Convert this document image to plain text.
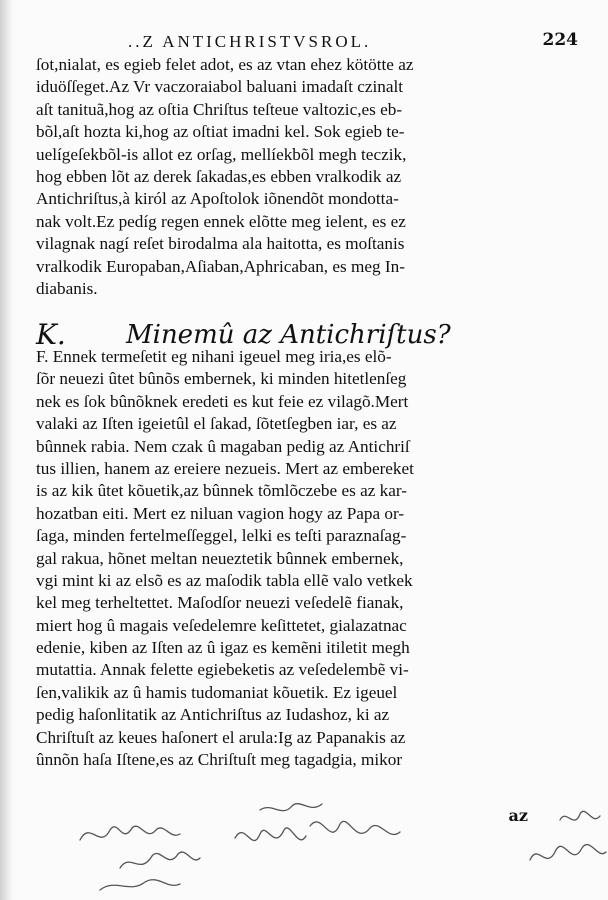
..Z ANTICHRISTVSROL.	224
ſot,nialat, es egieb felet adot, es az vtan ehez kötötte az
iduöſſeget.Az Vr vaczoraiabol baluani imadaſt czinalt
aſt tanituã,hog az oſtia Chriſtus teſteue valtozic,es eb-
bõl,aſt hozta ki,hog az oſtiat imadni kel. Sok egieb te-
uelígeſekbõl-is allot ez orſag, mellíekbõl megh teczik,
hog ebben lõt az derek ſakadas,es ebben vralkodik az
Antichriſtus,à kiról az Apoſtolok iõnendõt mondotta-
nak volt.Ez pedíg regen ennek elõtte meg ielent, es ez
vilagnak nagí reſet birodalma ala haitotta, es moſtanis
vralkodik Europaban,Aſiaban,Aphricaban, es meg In-
diabanis.
K. Minemû az Antichriſtus?
F. Ennek termeſetit eg nihani igeuel meg iria,es elõ-
ſõr neuezi ûtet bûnõs embernek, ki minden hitetlenſeg
nek es ſok bûnõknek eredeti es kut feie ez vilagõ.Mert
valaki az Iſten igeietûl el ſakad, ſõtetſegben iar, es az
bûnnek rabia. Nem czak û magaban pedig az Antichriſ
tus illien, hanem az ereiere nezueis. Mert az embereket
is az kik ûtet kõuetik,az bûnnek tõmlõczebe es az kar-
hozatban eiti. Mert ez niluan vagion hogy az Papa or-
ſaga, minden fertelmeſſeggel, lelki es teſti paraznaſag-
gal rakua, hõnet meltan neueztetik bûnnek embernek,
vgi mint ki az elsõ es az maſodik tabla ellẽ valo vetkek
kel meg terheltettet. Maſodſor neuezi veſedelẽ fianak,
miert hog û magais veſedelemre keſittetet, gialazatnac
edenie, kiben az Iſten az û igaz es kemẽni itiletit megh
mutattia. Annak felette egiebeketis az veſedelembẽ vi-
ſen,valikik az û hamis tudomaniat kõuetik. Ez igeuel
pedig haſonlitatik az Antichriſtus az Iudashoz, ki az
Chriſtuſt az keues haſonert el arula:Ig az Papanakis az
ûnnõn haſa Iſtene,es az Chriſtuſt meg tagadgia, mikor
az
